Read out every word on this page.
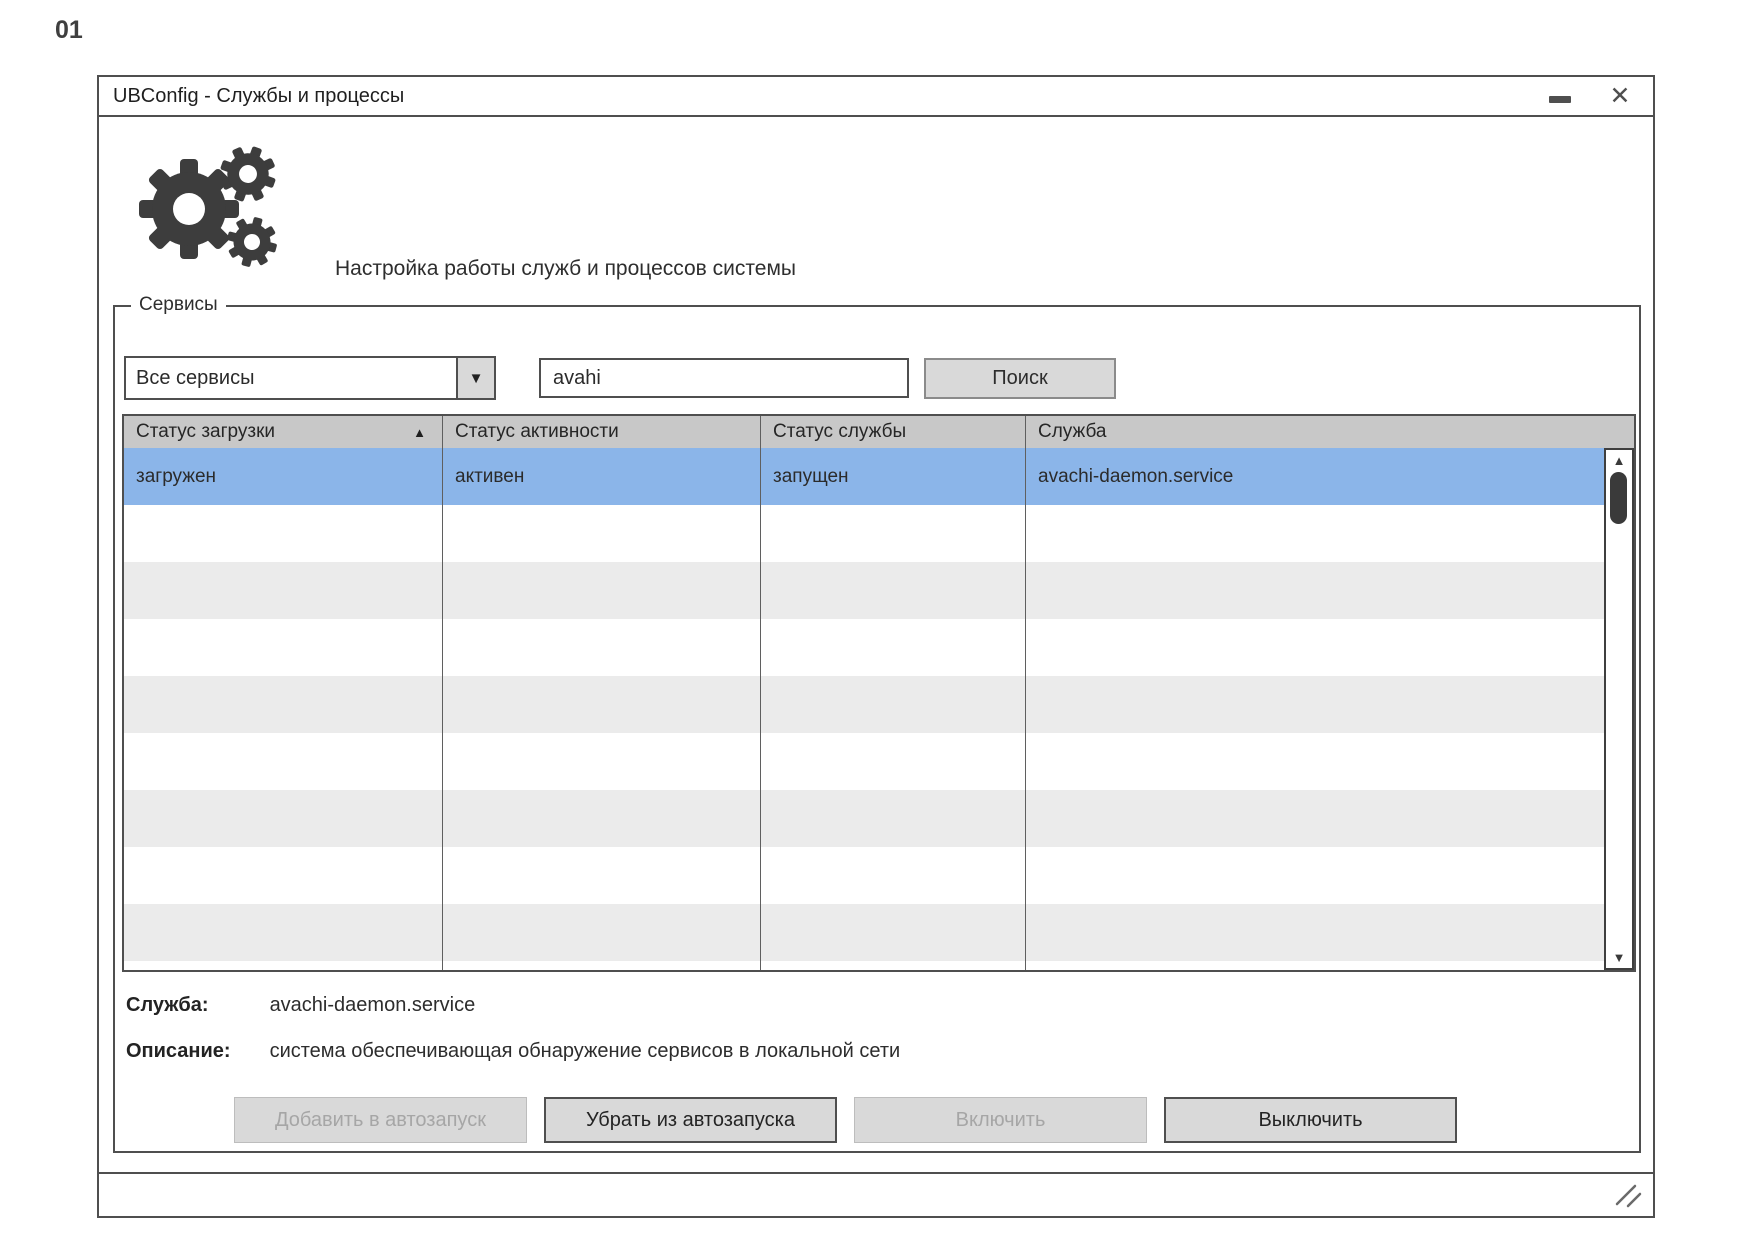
01
UBConfig - Службы и процессы	✕
Настройка работы служб и процессов системы
Сервисы
Все сервисы	▼
avahi	Поиск
Статус загрузки	▲ Статус активности	Статус службы	Служба
загружен	активен	запущен	avachi-daemon.service
▲
▼
Служба:	avachi-daemon.service
Описание: система обеспечивающая обнаружение сервисов в локальной сети
Добавить в автозапуск	Убрать из автозапуска	Включить	Выключить
